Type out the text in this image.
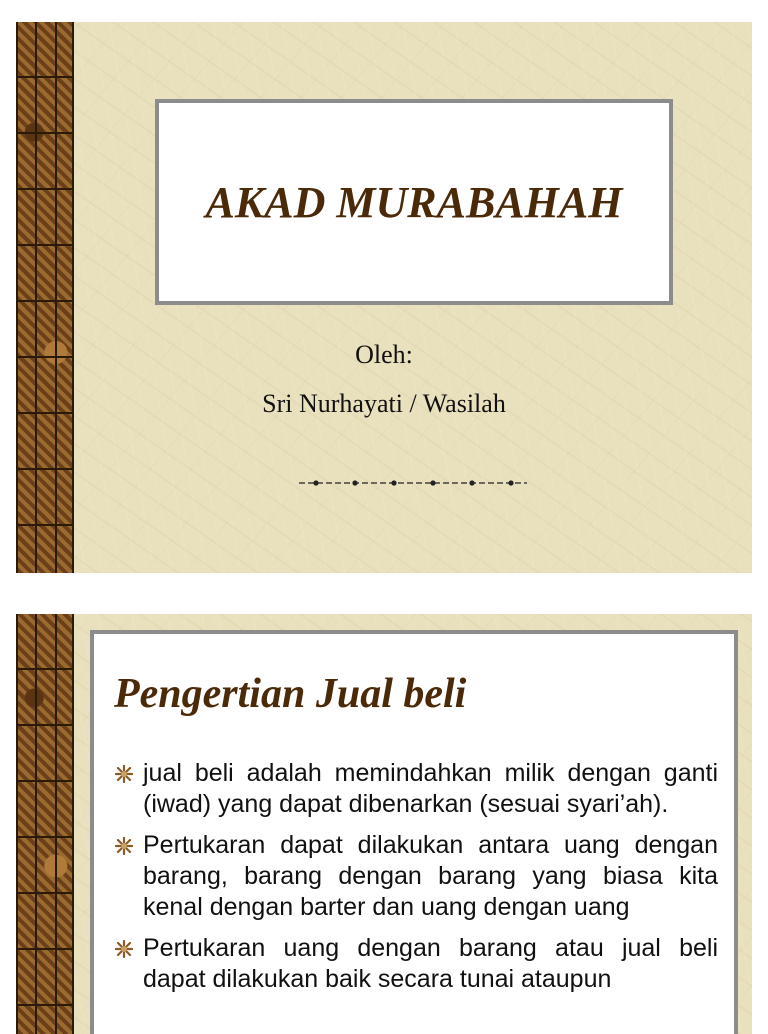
AKAD MURABAHAH
Oleh:
Sri Nurhayati / Wasilah
Pengertian Jual beli
jual beli adalah memindahkan milik dengan ganti (iwad) yang dapat dibenarkan (sesuai syari’ah).
Pertukaran dapat dilakukan antara uang dengan barang, barang dengan barang yang biasa kita kenal dengan barter dan uang dengan uang
Pertukaran uang dengan barang atau jual beli dapat dilakukan baik secara tunai ataupun
